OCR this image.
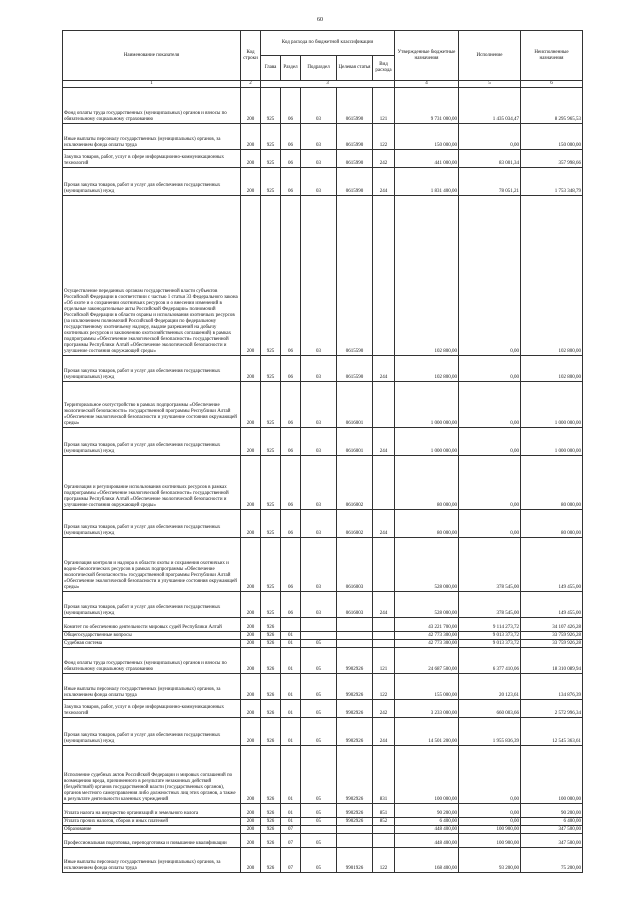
60
Наименование показателя	Код строки	Код расхода по бюджетной классификации					Утвержденные бюджетные назначения	Исполнение	Неисполненные назначения
		Глава	Раздел	Подраздел	Целевая статья	Вид расхода			
1	2	3					4	5	6
Фонд оплаты труда государственных (муниципальных) органов и взносы по обязательному социальному страхованию	200	925	06	03	0615990	121	9 731 000,00	1 435 034,47	8 295 965,53
Иные выплаты персоналу государственных (муниципальных) органов, за исключением фонда оплаты труда	200	925	06	03	0615990	122	150 000,00	0,00	150 000,00
Закупка товаров, работ, услуг в сфере информационно-коммуникационных технологий	200	925	06	03	0615990	242	441 000,00	83 001,34	357 998,66
Прочая закупка товаров, работ и услуг для обеспечения государственных (муниципальных) нужд	200	925	06	03	0615990	244	1 831 400,00	78 051,21	1 753 348,79
Осуществление переданных органам государственной власти субъектов Российской Федерации в соответствии с частью 1 статьи 33 Федерального закона «Об охоте и о сохранении охотничьих ресурсов и о внесении изменений в отдельные законодательные акты Российской Федерации» полномочий Российской Федерации в области охраны и использования охотничьих ресурсов (за исключением полномочий Российской Федерации по федеральному государственному охотничьему надзору, выдаче разрешений на добычу охотничьих ресурсов и заключению охотхозяйственных соглашений) в рамках подпрограммы «Обеспечение экологической безопасности» государственной программы Республики Алтай «Обеспечение экологической безопасности и улучшение состояния окружающей среды»	200	925	06	03	0615590		102 800,00	0,00	102 800,00
Прочая закупка товаров, работ и услуг для обеспечения государственных (муниципальных) нужд	200	925	06	03	0615590	244	102 800,00	0,00	102 800,00
Территориальное охотустройство в рамках подпрограммы «Обеспечение экологической безопасности» государственной программы Республики Алтай «Обеспечение экологической безопасности и улучшение состояния окружающей среды»	200	925	06	03	0616001		1 000 000,00	0,00	1 000 000,00
Прочая закупка товаров, работ и услуг для обеспечения государственных (муниципальных) нужд	200	925	06	03	0616001	244	1 000 000,00	0,00	1 000 000,00
Организация и регулирование использования охотничьих ресурсов в рамках подпрограммы «Обеспечение экологической безопасности» государственной программы Республики Алтай «Обеспечение экологической безопасности и улучшение состояния окружающей среды»	200	925	06	03	0616002		80 000,00	0,00	80 000,00
Прочая закупка товаров, работ и услуг для обеспечения государственных (муниципальных) нужд	200	925	06	03	0616002	244	80 000,00	0,00	80 000,00
Организация контроля и надзора в области охоты и сохранения охотничьих и водно-биологических ресурсов в рамках подпрограммы «Обеспечение экологической безопасности» государственной программы Республики Алтай «Обеспечение экологической безопасности и улучшение состояния окружающей среды»	200	925	06	03	0616003		528 000,00	378 545,00	149 455,00
Прочая закупка товаров, работ и услуг для обеспечения государственных (муниципальных) нужд	200	925	06	03	0616003	244	528 000,00	378 545,00	149 455,00
Комитет по обеспечению деятельности мировых судей Республики Алтай	200	926					43 221 700,00	9 114 273,72	34 107 426,28
Общегосударственные вопросы	200	926	01				42 773 300,00	9 013 373,72	33 759 926,28
Судебная система	200	926	01	05			42 773 300,00	9 013 373,72	33 759 926,28
Фонд оплаты труда государственных (муниципальных) органов и взносы по обязательному социальному страхованию	200	926	01	05	9902926	121	24 687 500,00	6 377 410,06	18 310 089,94
Иные выплаты персоналу государственных (муниципальных) органов, за исключением фонда оплаты труда	200	926	01	05	9902926	122	155 000,00	20 123,61	134 876,39
Закупка товаров, работ, услуг в сфере информационно-коммуникационных технологий	200	926	01	05	9902926	242	3 233 000,00	660 003,66	2 572 996,34
Прочая закупка товаров, работ и услуг для обеспечения государственных (муниципальных) нужд	200	926	01	05	9902926	244	14 501 200,00	1 955 836,39	12 545 363,61
Исполнение судебных актов Российской Федерации и мировых соглашений по возмещению вреда, причиненного в результате незаконных действий (бездействий) органов государственной власти (государственных органов), органов местного самоуправления либо должностных лиц этих органов, а также в результате деятельности казенных учреждений	200	926	01	05	9902926	831	100 000,00	0,00	100 000,00
Уплата налога на имущество организаций и земельного налога	200	926	01	05	9902926	851	90 200,00	0,00	90 200,00
Уплата прочих налогов, сборов и иных платежей	200	926	01	05	9902926	852	6 400,00	0,00	6 400,00
Образование	200	926	07				448 400,00	100 900,00	347 500,00
Профессиональная подготовка, переподготовка и повышение квалификации	200	926	07	05			448 400,00	100 900,00	347 500,00
Иные выплаты персоналу государственных (муниципальных) органов, за исключением фонда оплаты труда	200	926	07	05	9901926	122	168 400,00	93 200,00	75 200,00
